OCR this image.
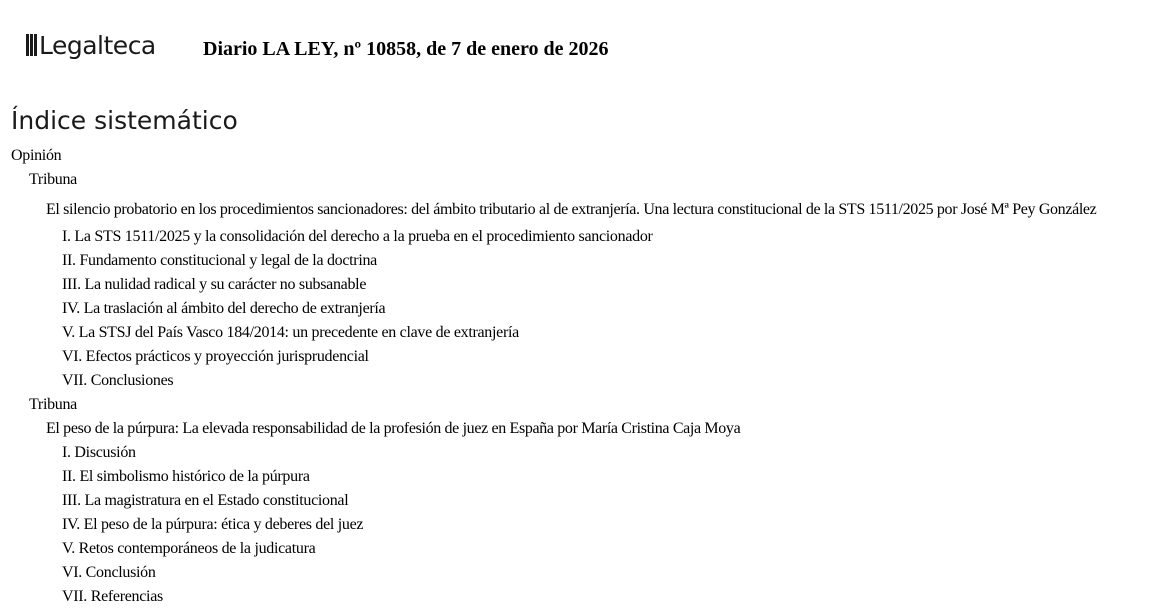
Legalteca Diario LA LEY, nº 10858, de 7 de enero de 2026
Índice sistemático
Opinión
Tribuna
El silencio probatorio en los procedimientos sancionadores: del ámbito tributario al de extranjería. Una lectura constitucional de la STS 1511/2025 por José Mª Pey González
I. La STS 1511/2025 y la consolidación del derecho a la prueba en el procedimiento sancionador
II. Fundamento constitucional y legal de la doctrina
III. La nulidad radical y su carácter no subsanable
IV. La traslación al ámbito del derecho de extranjería
V. La STSJ del País Vasco 184/2014: un precedente en clave de extranjería
VI. Efectos prácticos y proyección jurisprudencial
VII. Conclusiones
Tribuna
El peso de la púrpura: La elevada responsabilidad de la profesión de juez en España por María Cristina Caja Moya
I. Discusión
II. El simbolismo histórico de la púrpura
III. La magistratura en el Estado constitucional
IV. El peso de la púrpura: ética y deberes del juez
V. Retos contemporáneos de la judicatura
VI. Conclusión
VII. Referencias
